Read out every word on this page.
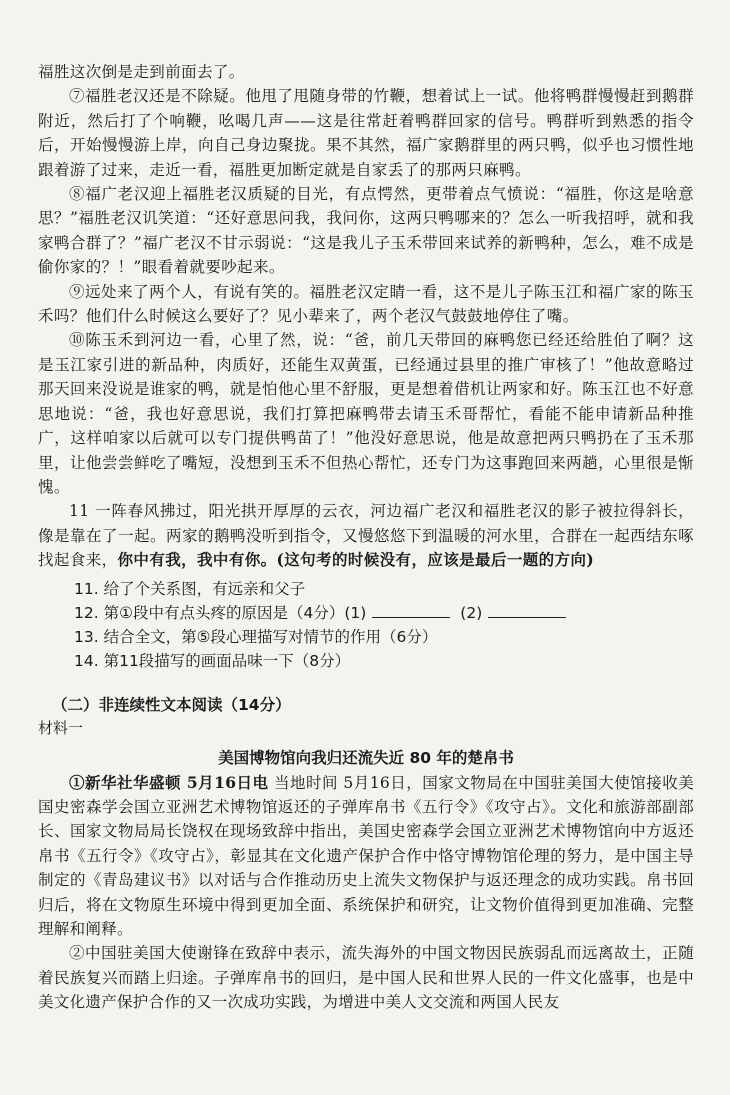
福胜这次倒是走到前面去了。

⑦福胜老汉还是不除疑。他甩了甩随身带的竹鞭，想着试上一试。他将鸭群慢慢赶到鹅群附近，然后打了个响鞭，吆喝几声——这是往常赶着鸭群回家的信号。鸭群听到熟悉的指令后，开始慢慢游上岸，向自己身边聚拢。果不其然，福广家鹅群里的两只鸭，似乎也习惯性地跟着游了过来，走近一看，福胜更加断定就是自家丢了的那两只麻鸭。

⑧福广老汉迎上福胜老汉质疑的目光，有点愕然，更带着点气愤说：“福胜，你这是啥意思？”福胜老汉讥笑道：“还好意思问我，我问你，这两只鸭哪来的？怎么一听我招呼，就和我家鸭合群了？”福广老汉不甘示弱说：“这是我儿子玉禾带回来试养的新鸭种，怎么，难不成是偷你家的？！”眼看着就要吵起来。

⑨远处来了两个人，有说有笑的。福胜老汉定睛一看，这不是儿子陈玉江和福广家的陈玉禾吗？他们什么时候这么要好了？见小辈来了，两个老汉气鼓鼓地停住了嘴。

⑩陈玉禾到河边一看，心里了然，说：“爸，前几天带回的麻鸭您已经还给胜伯了啊？这是玉江家引进的新品种，肉质好，还能生双黄蛋，已经通过县里的推广审核了！”他故意略过那天回来没说是谁家的鸭，就是怕他心里不舒服，更是想着借机让两家和好。陈玉江也不好意思地说：“爸，我也好意思说，我们打算把麻鸭带去请玉禾哥帮忙，看能不能申请新品种推广，这样咱家以后就可以专门提供鸭苗了！”他没好意思说，他是故意把两只鸭扔在了玉禾那里，让他尝尝鲜吃了嘴短，没想到玉禾不但热心帮忙，还专门为这事跑回来两趟，心里很是惭愧。

11 一阵春风拂过，阳光拱开厚厚的云衣，河边福广老汉和福胜老汉的影子被拉得斜长，像是靠在了一起。两家的鹅鸭没听到指令，又慢悠悠下到温暖的河水里，合群在一起西结东啄找起食来，你中有我，我中有你。(这句考的时候没有，应该是最后一题的方向)

11. 给了个关系图，有远亲和父子

12. 第①段中有点头疼的原因是（4分）(1)	(2)

13. 结合全文，第⑤段心理描写对情节的作用（6分）

14. 第11段描写的画面品味一下（8分）

（二）非连续性文本阅读（14分）

材料一

美国博物馆向我归还流失近 80 年的楚帛书

①新华社华盛顿 5月16日电 当地时间 5月16日，国家文物局在中国驻美国大使馆接收美国史密森学会国立亚洲艺术博物馆返还的子弹库帛书《五行令》《攻守占》。文化和旅游部副部长、国家文物局局长饶权在现场致辞中指出，美国史密森学会国立亚洲艺术博物馆向中方返还帛书《五行令》《攻守占》，彰显其在文化遗产保护合作中恪守博物馆伦理的努力，是中国主导制定的《青岛建议书》以对话与合作推动历史上流失文物保护与返还理念的成功实践。帛书回归后，将在文物原生环境中得到更加全面、系统保护和研究，让文物价值得到更加准确、完整理解和阐释。

②中国驻美国大使谢锋在致辞中表示，流失海外的中国文物因民族弱乱而远离故土，正随着民族复兴而踏上归途。子弹库帛书的回归，是中国人民和世界人民的一件文化盛事，也是中美文化遗产保护合作的又一次成功实践，为增进中美人文交流和两国人民友
